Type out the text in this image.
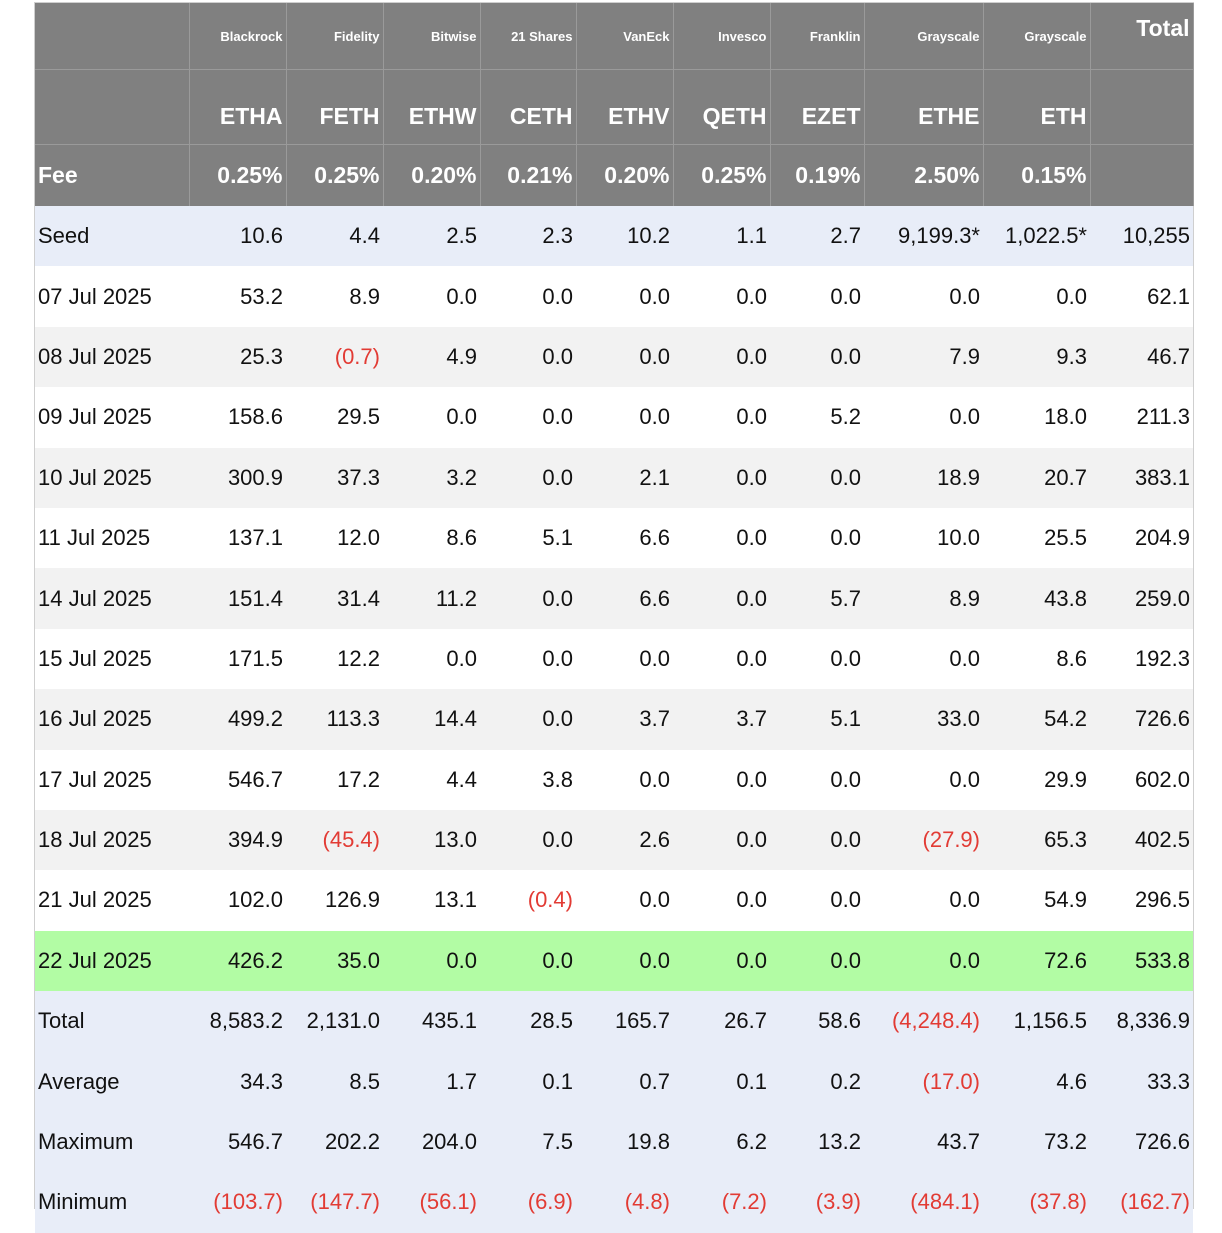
	Blackrock	Fidelity	Bitwise	21 Shares	VanEck	Invesco	Franklin	Grayscale	Grayscale	Total
	ETHA	FETH	ETHW	CETH	ETHV	QETH	EZET	ETHE	ETH	
Fee	0.25%	0.25%	0.20%	0.21%	0.20%	0.25%	0.19%	2.50%	0.15%	
Seed	10.6	4.4	2.5	2.3	10.2	1.1	2.7	9,199.3*	1,022.5*	10,255
07 Jul 2025	53.2	8.9	0.0	0.0	0.0	0.0	0.0	0.0	0.0	62.1
08 Jul 2025	25.3	(0.7)	4.9	0.0	0.0	0.0	0.0	7.9	9.3	46.7
09 Jul 2025	158.6	29.5	0.0	0.0	0.0	0.0	5.2	0.0	18.0	211.3
10 Jul 2025	300.9	37.3	3.2	0.0	2.1	0.0	0.0	18.9	20.7	383.1
11 Jul 2025	137.1	12.0	8.6	5.1	6.6	0.0	0.0	10.0	25.5	204.9
14 Jul 2025	151.4	31.4	11.2	0.0	6.6	0.0	5.7	8.9	43.8	259.0
15 Jul 2025	171.5	12.2	0.0	0.0	0.0	0.0	0.0	0.0	8.6	192.3
16 Jul 2025	499.2	113.3	14.4	0.0	3.7	3.7	5.1	33.0	54.2	726.6
17 Jul 2025	546.7	17.2	4.4	3.8	0.0	0.0	0.0	0.0	29.9	602.0
18 Jul 2025	394.9	(45.4)	13.0	0.0	2.6	0.0	0.0	(27.9)	65.3	402.5
21 Jul 2025	102.0	126.9	13.1	(0.4)	0.0	0.0	0.0	0.0	54.9	296.5
22 Jul 2025	426.2	35.0	0.0	0.0	0.0	0.0	0.0	0.0	72.6	533.8
Total	8,583.2	2,131.0	435.1	28.5	165.7	26.7	58.6	(4,248.4)	1,156.5	8,336.9
Average	34.3	8.5	1.7	0.1	0.7	0.1	0.2	(17.0)	4.6	33.3
Maximum	546.7	202.2	204.0	7.5	19.8	6.2	13.2	43.7	73.2	726.6
Minimum	(103.7)	(147.7)	(56.1)	(6.9)	(4.8)	(7.2)	(3.9)	(484.1)	(37.8)	(162.7)
